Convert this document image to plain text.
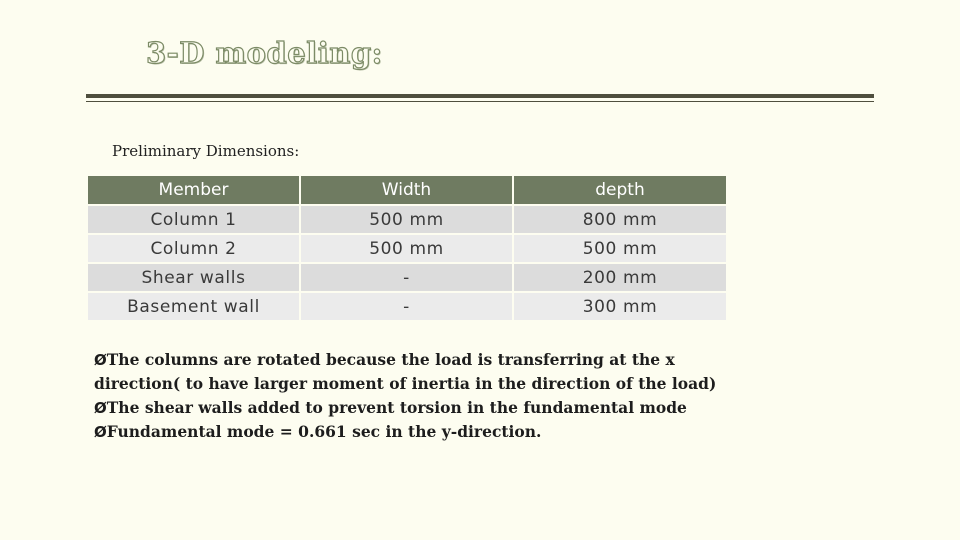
3-D modeling:
Preliminary Dimensions:
Member	Width	depth
Column 1	500 mm	800 mm
Column 2	500 mm	500 mm
Shear walls	-	200 mm
Basement wall	-	300 mm
ØThe columns are rotated because the load is transferring at the x direction( to have larger moment of inertia in the direction of the load)
ØThe shear walls added to prevent torsion in the fundamental mode
ØFundamental mode = 0.661 sec in the y-direction.
